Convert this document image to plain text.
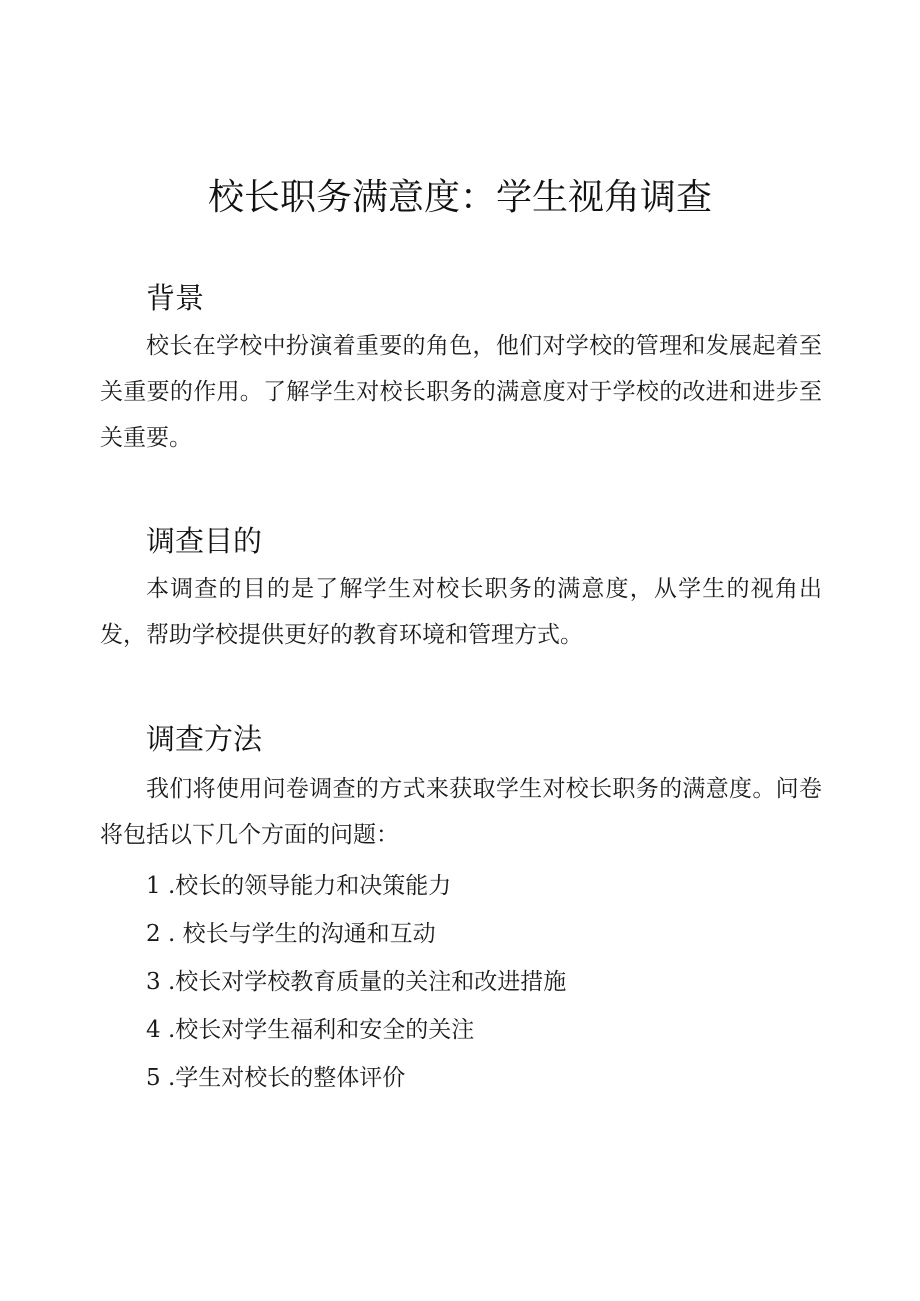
校长职务满意度：学生视角调查
背景

校长在学校中扮演着重要的角色，他们对学校的管理和发展起着至关重要的作用。了解学生对校长职务的满意度对于学校的改进和进步至关重要。

调查目的

本调查的目的是了解学生对校长职务的满意度，从学生的视角出发，帮助学校提供更好的教育环境和管理方式。

调查方法

我们将使用问卷调查的方式来获取学生对校长职务的满意度。问卷将包括以下几个方面的问题：

1 .校长的领导能力和决策能力
2 . 校长与学生的沟通和互动
3 .校长对学校教育质量的关注和改进措施
4 .校长对学生福利和安全的关注
5 .学生对校长的整体评价
